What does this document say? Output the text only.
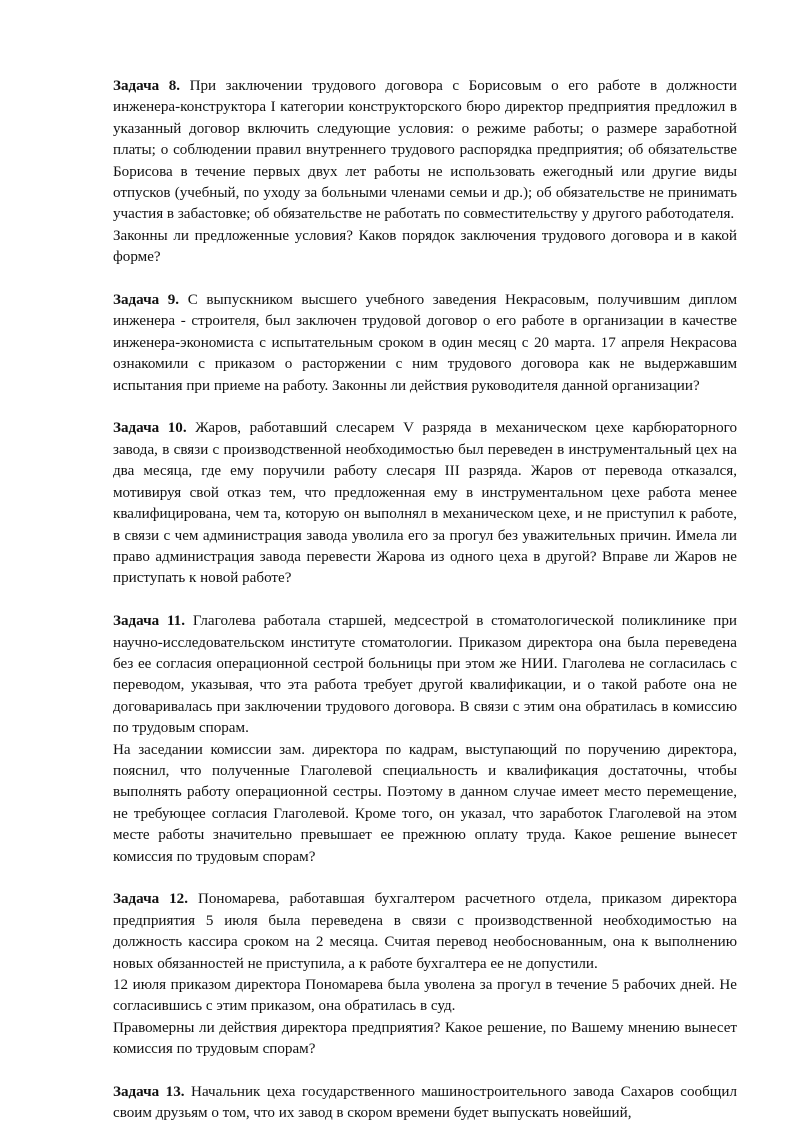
Задача 8. При заключении трудового договора с Борисовым о его работе в должности инженера-конструктора I категории конструкторского бюро директор предприятия предложил в указанный договор включить следующие условия: о режиме работы; о размере заработной платы; о соблюдении правил внутреннего трудового распорядка предприятия; об обязательстве Борисова в течение первых двух лет работы не использовать ежегодный или другие виды отпусков (учебный, по уходу за больными членами семьи и др.); об обязательстве не принимать участия в забастовке; об обязательстве не работать по совместительству у другого работодателя.

Законны ли предложенные условия? Каков порядок заключения трудового договора и в какой форме?

Задача 9. С выпускником высшего учебного заведения Некрасовым, получившим диплом инженера - строителя, был заключен трудовой договор о его работе в организации в качестве инженера-экономиста с испытательным сроком в один месяц с 20 марта. 17 апреля Некрасова ознакомили с приказом о расторжении с ним трудового договора как не выдержавшим испытания при приеме на работу. Законны ли действия руководителя данной организации?

Задача 10. Жаров, работавший слесарем V разряда в механическом цехе карбюраторного завода, в связи с производственной необходимостью был переведен в инструментальный цех на два месяца, где ему поручили работу слесаря III разряда. Жаров от перевода отказался, мотивируя свой отказ тем, что предложенная ему в инструментальном цехе работа менее квалифицирована, чем та, которую он выполнял в механическом цехе, и не приступил к работе, в связи с чем администрация завода уволила его за прогул без уважительных причин. Имела ли право администрация завода перевести Жарова из одного цеха в другой? Вправе ли Жаров не приступать к новой работе?

Задача 11. Глаголева работала старшей, медсестрой в стоматологической поликлинике при научно-исследовательском институте стоматологии. Приказом директора она была переведена без ее согласия операционной сестрой больницы при этом же НИИ. Глаголева не согласилась с переводом, указывая, что эта работа требует другой квалификации, и о такой работе она не договаривалась при заключении трудового договора. В связи с этим она обратилась в комиссию по трудовым спорам.

На заседании комиссии зам. директора по кадрам, выступающий по поручению директора, пояснил, что полученные Глаголевой специальность и квалификация достаточны, чтобы выполнять работу операционной сестры. Поэтому в данном случае имеет место перемещение, не требующее согласия Глаголевой. Кроме того, он указал, что заработок Глаголевой на этом месте работы значительно превышает ее прежнюю оплату труда. Какое решение вынесет комиссия по трудовым спорам?

Задача 12. Пономарева, работавшая бухгалтером расчетного отдела, приказом директора предприятия 5 июля была переведена в связи с производственной необходимостью на должность кассира сроком на 2 месяца. Считая перевод необоснованным, она к выполнению новых обязанностей не приступила, а к работе бухгалтера ее не допустили.

12 июля приказом директора Пономарева была уволена за прогул в течение 5 рабочих дней. Не согласившись с этим приказом, она обратилась в суд.

Правомерны ли действия директора предприятия? Какое решение, по Вашему мнению вынесет комиссия по трудовым спорам?

Задача 13. Начальник цеха государственного машиностроительного завода Сахаров сообщил своим друзьям о том, что их завод в скором времени будет выпускать новейший,
